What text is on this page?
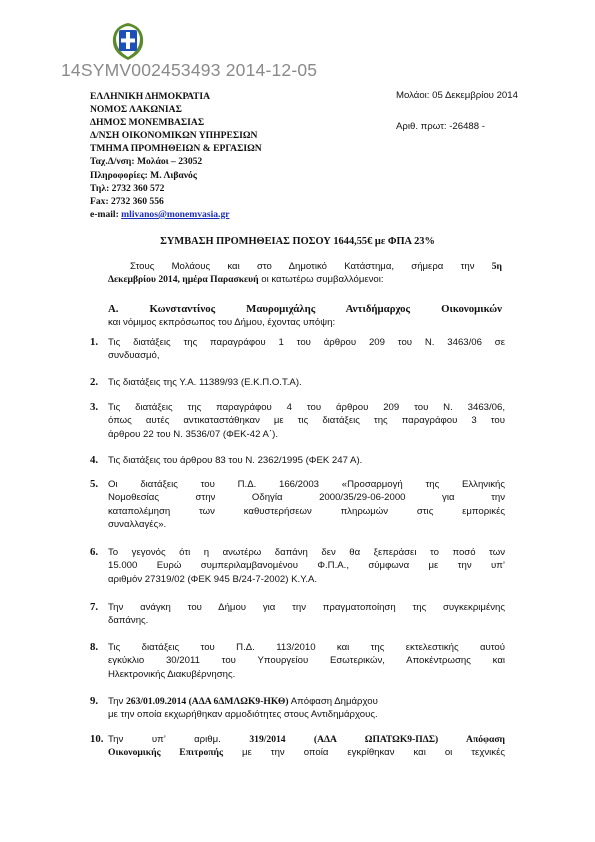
14SYMV002453493 2014-12-05
ΕΛΛΗΝΙΚΗ ΔΗΜΟΚΡΑΤΙΑ
ΝΟΜΟΣ ΛΑΚΩΝΙΑΣ
ΔΗΜΟΣ ΜΟΝΕΜΒΑΣΙΑΣ
Δ/ΝΣΗ ΟΙΚΟΝΟΜΙΚΩΝ ΥΠΗΡΕΣΙΩΝ
ΤΜΗΜΑ ΠΡΟΜΗΘΕΙΩΝ & ΕΡΓΑΣΙΩΝ
Ταχ.Δ/νση: Μολάοι – 23052
Πληροφορίες: Μ. Λιβανός
Τηλ: 2732 360 572
Fax: 2732 360 556
e-mail: mlivanos@monemvasia.gr
Μολάοι: 05 Δεκεμβρίου 2014
Αριθ. πρωτ: -26488 -
ΣΥΜΒΑΣΗ ΠΡΟΜΗΘΕΙΑΣ ΠΟΣΟΥ 1644,55€ με ΦΠΑ 23%
Στους Μολάους και στο Δημοτικό Κατάστημα, σήμερα την 5η
Δεκεμβρίου 2014, ημέρα Παρασκευή οι κατωτέρω συμβαλλόμενοι:
Α. Κωνσταντίνος Μαυρομιχάλης Αντιδήμαρχος Οικονομικών
και νόμιμος εκπρόσωπος του Δήμου, έχοντας υπόψη:
1. Τις διατάξεις της παραγράφου 1 του άρθρου 209 του Ν. 3463/06 σε
συνδυασμό,
2. Τις διατάξεις της Υ.Α. 11389/93 (Ε.Κ.Π.Ο.Τ.Α).
3. Τις διατάξεις της παραγράφου 4 του άρθρου 209 του Ν. 3463/06,
όπως αυτές αντικαταστάθηκαν με τις διατάξεις της παραγράφου 3 του
άρθρου 22 του Ν. 3536/07 (ΦΕΚ-42 Α΄).
4. Τις διατάξεις του άρθρου 83 του Ν. 2362/1995 (ΦΕΚ 247 Α).
5. Οι διατάξεις του Π.Δ. 166/2003 «Προσαρμογή της Ελληνικής
Νομοθεσίας στην Οδηγία 2000/35/29-06-2000 για την
καταπολέμηση των καθυστερήσεων πληρωμών στις εμπορικές
συναλλαγές».
6. Το γεγονός ότι η ανωτέρω δαπάνη δεν θα ξεπεράσει το ποσό των
15.000 Ευρώ συμπεριλαμβανομένου Φ.Π.Α., σύμφωνα με την υπ’
αριθμόν 27319/02 (ΦΕΚ 945 Β/24-7-2002) Κ.Υ.Α.
7. Την ανάγκη του Δήμου για την πραγματοποίηση της συγκεκριμένης
δαπάνης.
8. Τις διατάξεις του Π.Δ. 113/2010 και της εκτελεστικής αυτού
εγκύκλιο 30/2011 του Υπουργείου Εσωτερικών, Αποκέντρωσης και
Ηλεκτρονικής Διακυβέρνησης.
9. Την 263/01.09.2014 (ΑΔΑ 6ΔΜΛΩΚ9-ΗΚΘ) Απόφαση Δημάρχου
με την οποία εκχωρήθηκαν αρμοδιότητες στους Αντιδημάρχους.
10. Την υπ’ αριθμ. 319/2014 (ΑΔΑ ΩΠΑΤΩΚ9-ΠΔΣ) Απόφαση
Οικονομικής Επιτροπής με την οποία εγκρίθηκαν και οι τεχνικές
